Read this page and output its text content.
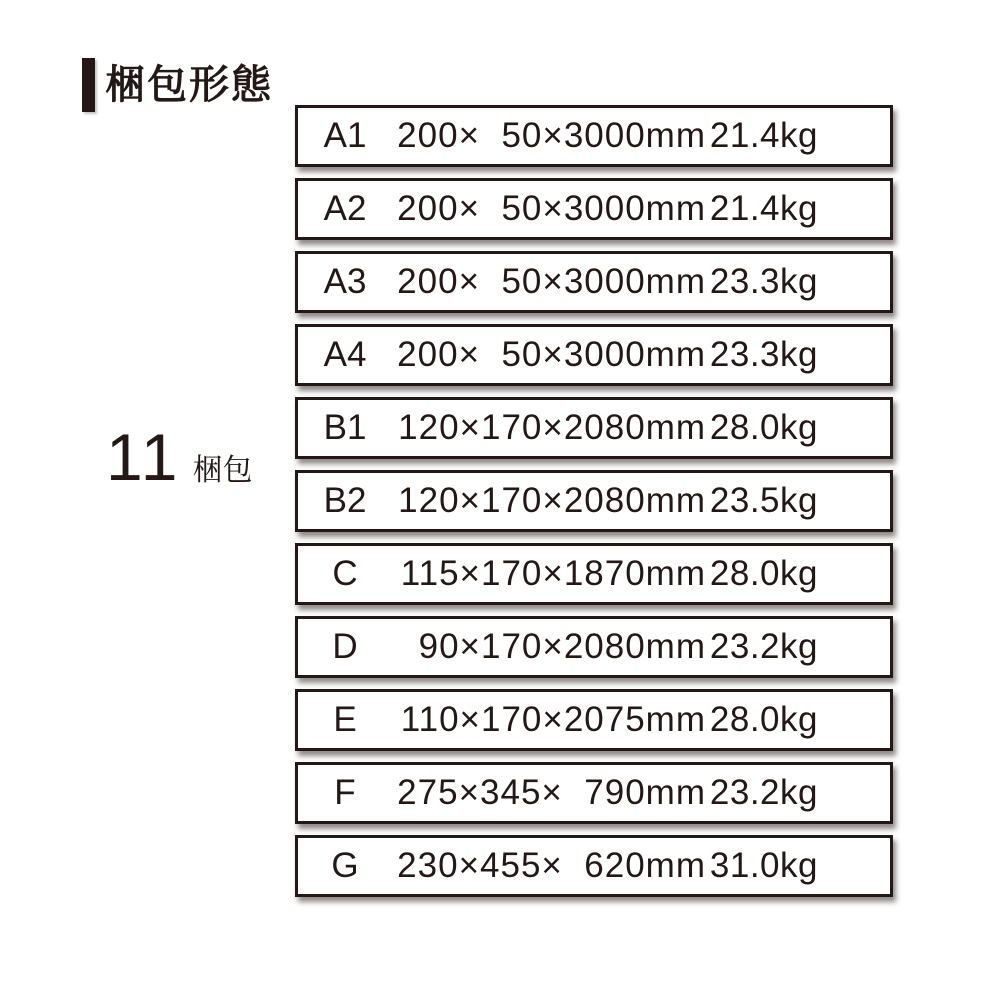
梱包形態
11 梱包
A1 200×  50×3000mm 21.4kg
A2 200×  50×3000mm 21.4kg
A3 200×  50×3000mm 23.3kg
A4 200×  50×3000mm 23.3kg
B1 120×170×2080mm 28.0kg
B2 120×170×2080mm 23.5kg
C	115×170×1870mm 28.0kg
D	90×170×2080mm 23.2kg
E	110×170×2075mm 28.0kg
F	275×345×  790mm 23.2kg
G	230×455×  620mm 31.0kg
